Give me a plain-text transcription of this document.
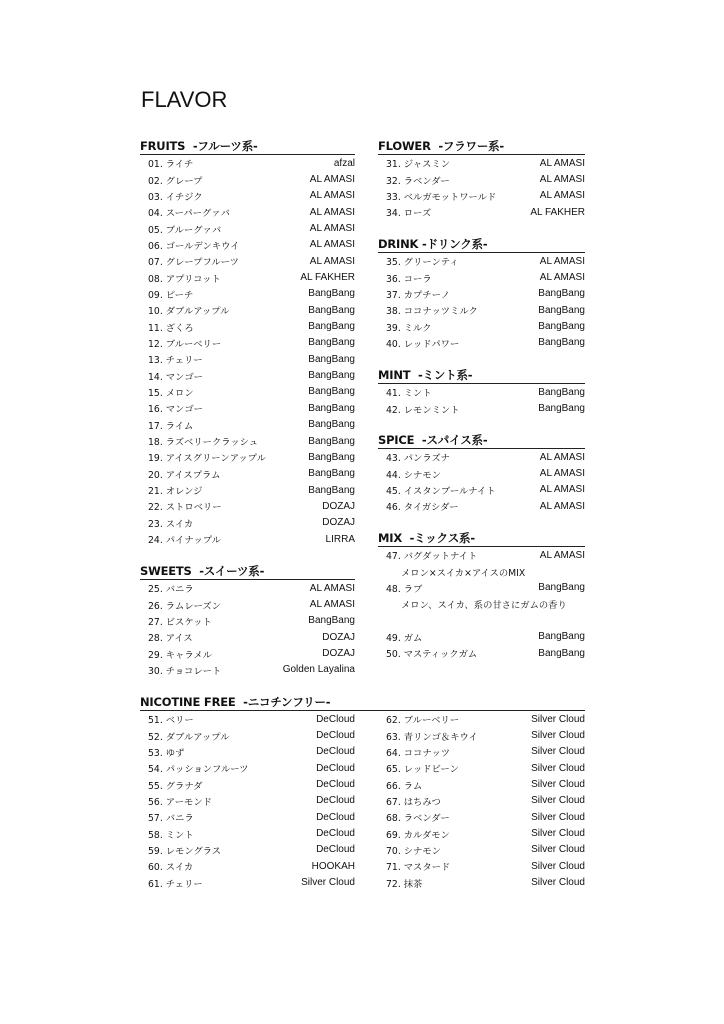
FLAVOR
FRUITS  -フルーツ系-
01. ライチ	afzal
02. グレープ	AL AMASI
03. イチジク	AL AMASI
04. スーパーグァバ	AL AMASI
05. ブルーグァバ	AL AMASI
06. ゴールデンキウイ	AL AMASI
07. グレープフルーツ	AL AMASI
08. アプリコット	AL FAKHER
09. ピーチ	BangBang
10. ダブルアップル	BangBang
11. ざくろ	BangBang
12. ブルーベリー	BangBang
13. チェリー	BangBang
14. マンゴー	BangBang
15. メロン	BangBang
16. マンゴー	BangBang
17. ライム	BangBang
18. ラズベリークラッシュ	BangBang
19. アイスグリーンアップル	BangBang
20. アイスプラム	BangBang
21. オレンジ	BangBang
22. ストロベリー	DOZAJ
23. スイカ	DOZAJ
24. パイナップル	LIRRA
SWEETS  -スイーツ系-
25. バニラ	AL AMASI
26. ラムレーズン	AL AMASI
27. ビスケット	BangBang
28. アイス	DOZAJ
29. キャラメル	DOZAJ
30. チョコレート	Golden Layalina
FLOWER  -フラワー系-
31. ジャスミン	AL AMASI
32. ラベンダー	AL AMASI
33. ベルガモットワールド	AL AMASI
34. ローズ	AL FAKHER
DRINK -ドリンク系-
35. グリーンティ	AL AMASI
36. コーラ	AL AMASI
37. カプチーノ	BangBang
38. ココナッツミルク	BangBang
39. ミルク	BangBang
40. レッドパワー	BangBang
MINT  -ミント系-
41. ミント	BangBang
42. レモンミント	BangBang
SPICE  -スパイス系-
43. パンラズナ	AL AMASI
44. シナモン	AL AMASI
45. イスタンブールナイト	AL AMASI
46. タイガシダー	AL AMASI
MIX  -ミックス系-
47. バグダットナイト	AL AMASI
メロン×スイカ×アイスのMIX
48. ラブ	BangBang
メロン、スイカ、系の甘さにガムの香り
49. ガム	BangBang
50. マスティックガム	BangBang
NICOTINE FREE  -ニコチンフリー-
51. ベリー	DeCloud
52. ダブルアップル	DeCloud
53. ゆず	DeCloud
54. パッションフルーツ	DeCloud
55. グラナダ	DeCloud
56. アーモンド	DeCloud
57. バニラ	DeCloud
58. ミント	DeCloud
59. レモングラス	DeCloud
60. スイカ	HOOKAH
61. チェリー	Silver Cloud
62. ブルーベリー	Silver Cloud
63. 青リンゴ＆キウイ	Silver Cloud
64. ココナッツ	Silver Cloud
65. レッドビーン	Silver Cloud
66. ラム	Silver Cloud
67. はちみつ	Silver Cloud
68. ラベンダー	Silver Cloud
69. カルダモン	Silver Cloud
70. シナモン	Silver Cloud
71. マスタード	Silver Cloud
72. 抹茶	Silver Cloud
